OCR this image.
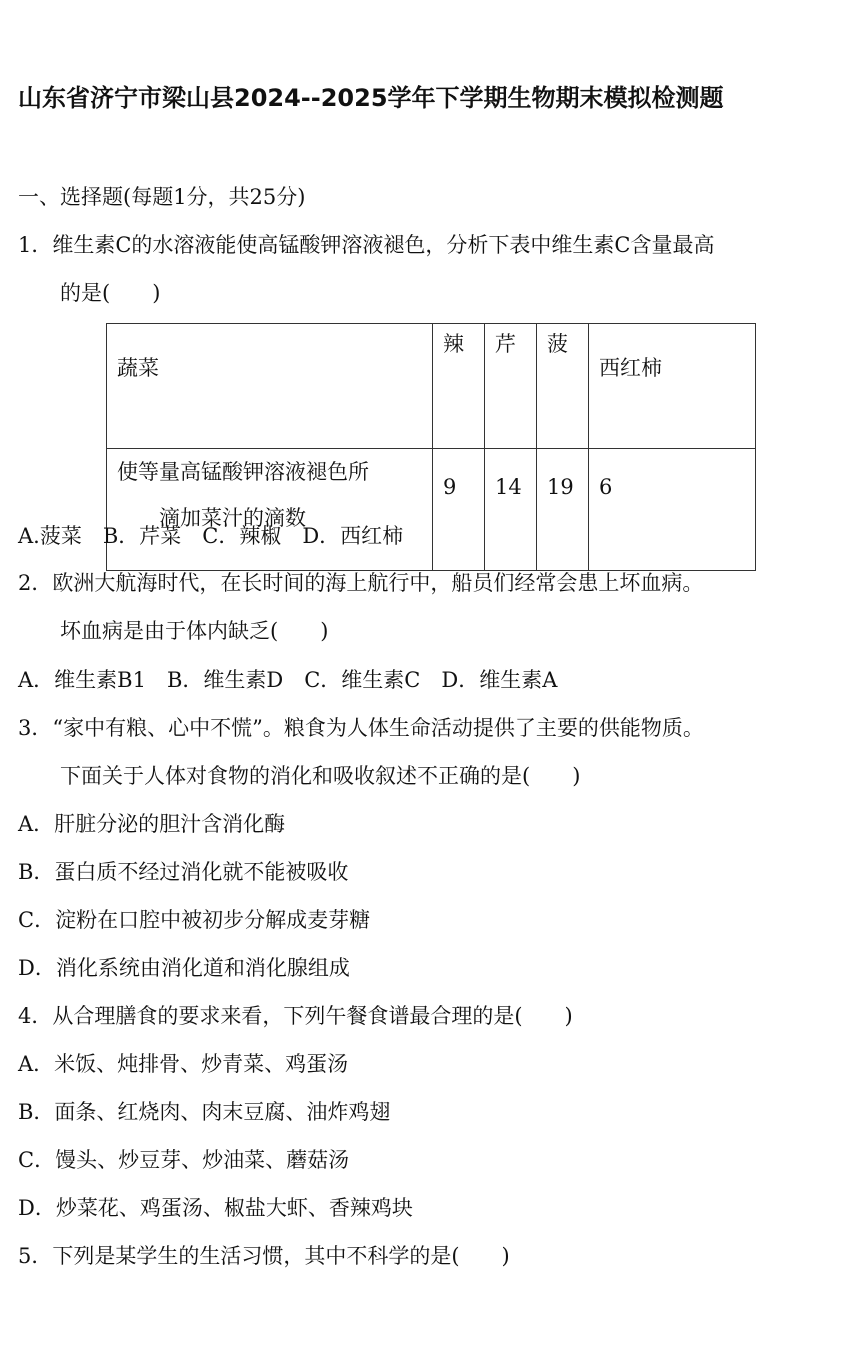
山东省济宁市梁山县2024--2025学年下学期生物期末模拟检测题
一、选择题(每题1分，共25分)
1．维生素C的水溶液能使高锰酸钾溶液褪色，分析下表中维生素C含量最高
的是(　　)
蔬菜	辣	芹	菠	西红柿

使等量高锰酸钾溶液褪色所
滴加菜汁的滴数	9	14	19	6
A.菠菜　B．芹菜　C．辣椒　D．西红柿
2．欧洲大航海时代，在长时间的海上航行中，船员们经常会患上坏血病。
坏血病是由于体内缺乏(　　)
A．维生素B1　B．维生素D　C．维生素C　D．维生素A
3．“家中有粮、心中不慌”。粮食为人体生命活动提供了主要的供能物质。
下面关于人体对食物的消化和吸收叙述不正确的是(　　)
A．肝脏分泌的胆汁含消化酶
B．蛋白质不经过消化就不能被吸收
C．淀粉在口腔中被初步分解成麦芽糖
D．消化系统由消化道和消化腺组成
4．从合理膳食的要求来看，下列午餐食谱最合理的是(　　)
A．米饭、炖排骨、炒青菜、鸡蛋汤
B．面条、红烧肉、肉末豆腐、油炸鸡翅
C．馒头、炒豆芽、炒油菜、蘑菇汤
D．炒菜花、鸡蛋汤、椒盐大虾、香辣鸡块
5．下列是某学生的生活习惯，其中不科学的是(　　)
